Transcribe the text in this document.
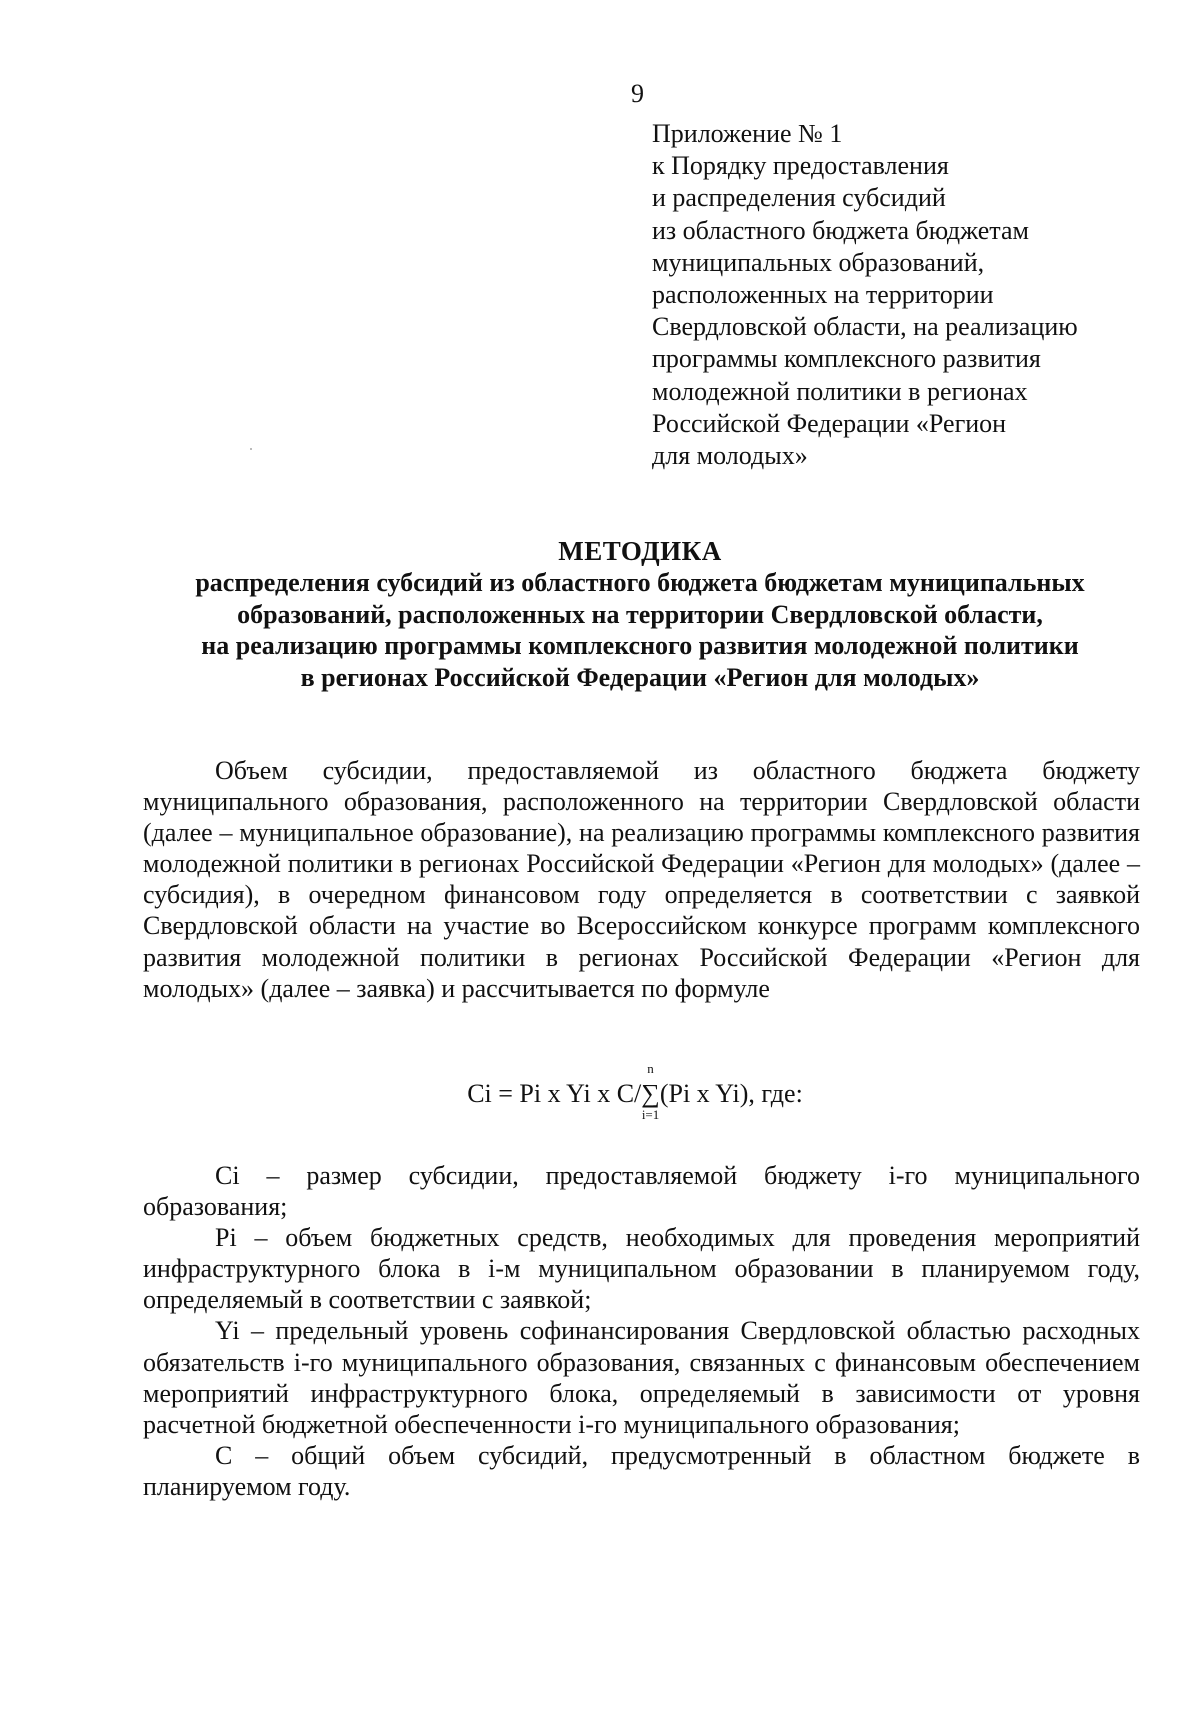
9
Приложение № 1
к Порядку предоставления
и распределения субсидий
из областного бюджета бюджетам
муниципальных образований,
расположенных на территории
Свердловской области, на реализацию
программы комплексного развития
молодежной политики в регионах
Российской Федерации «Регион
для молодых»
МЕТОДИКА
распределения субсидий из областного бюджета бюджетам муниципальных
образований, расположенных на территории Свердловской области,
на реализацию программы комплексного развития молодежной политики
в регионах Российской Федерации «Регион для молодых»
Объем субсидии, предоставляемой из областного бюджета бюджету муниципального образования, расположенного на территории Свердловской области (далее – муниципальное образование), на реализацию программы комплексного развития молодежной политики в регионах Российской Федерации «Регион для молодых» (далее – субсидия), в очередном финансовом году определяется в соответствии с заявкой Свердловской области на участие во Всероссийском конкурсе программ комплексного развития молодежной политики в регионах Российской Федерации «Регион для молодых» (далее – заявка) и рассчитывается по формуле
Ci = Pi x Yi x C/
n
∑
i=1
(Pi x Yi), где:

Ci – размер субсидии, предоставляемой бюджету i-го муниципального образования;

Pi – объем бюджетных средств, необходимых для проведения мероприятий инфраструктурного блока в i-м муниципальном образовании в планируемом году, определяемый в соответствии с заявкой;

Yi – предельный уровень софинансирования Свердловской областью расходных обязательств i-го муниципального образования, связанных с финансовым обеспечением мероприятий инфраструктурного блока, определяемый в зависимости от уровня расчетной бюджетной обеспеченности i-го муниципального образования;

C – общий объем субсидий, предусмотренный в областном бюджете в планируемом году.
